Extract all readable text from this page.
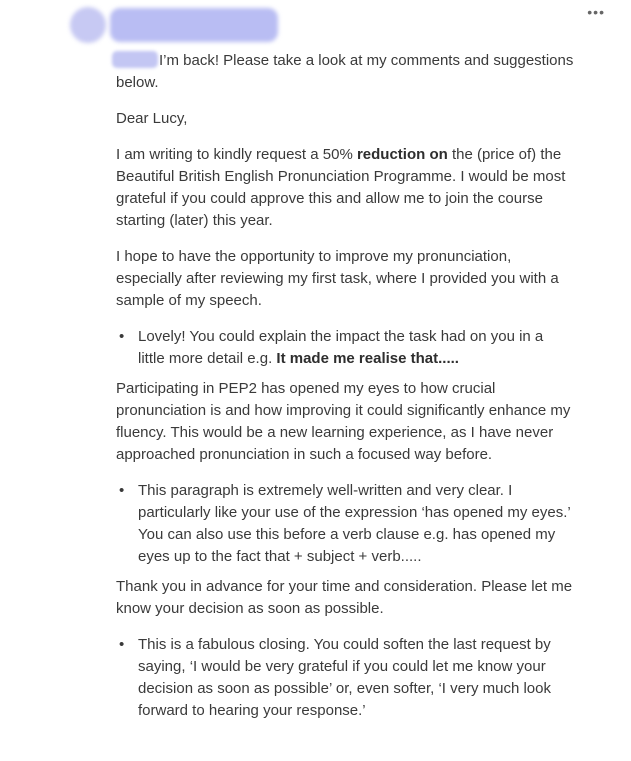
•••

I’m back! Please take a look at my comments and suggestions below.

Dear Lucy,

I am writing to kindly request a 50% reduction on the (price of) the Beautiful British English Pronunciation Programme. I would be most grateful if you could approve this and allow me to join the course starting (later) this year.

I hope to have the opportunity to improve my pronunciation, especially after reviewing my first task, where I provided you with a sample of my speech.

• Lovely! You could explain the impact the task had on you in a little more detail e.g. It made me realise that.....

Participating in PEP2 has opened my eyes to how crucial pronunciation is and how improving it could significantly enhance my fluency. This would be a new learning experience, as I have never approached pronunciation in such a focused way before.

• This paragraph is extremely well-written and very clear. I particularly like your use of the expression ‘has opened my eyes.’ You can also use this before a verb clause e.g. has opened my eyes up to the fact that + subject + verb.....

Thank you in advance for your time and consideration. Please let me know your decision as soon as possible.

• This is a fabulous closing. You could soften the last request by saying, ‘I would be very grateful if you could let me know your decision as soon as possible’ or, even softer, ‘I very much look forward to hearing your response.’
